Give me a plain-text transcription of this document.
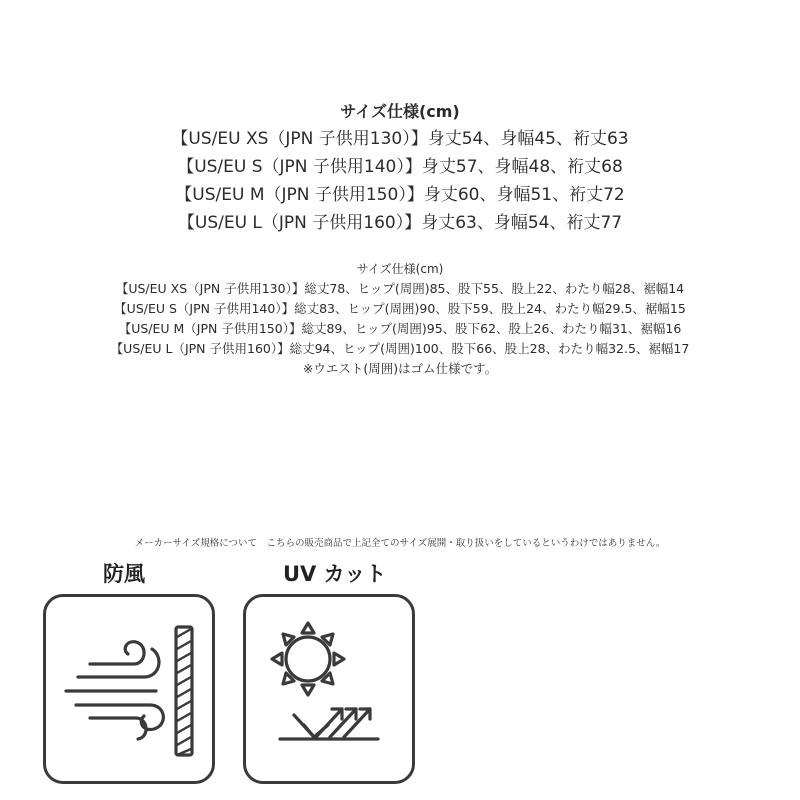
サイズ仕様(cm)
【US/EU XS（JPN 子供用130）】身丈54、身幅45、裄丈63
【US/EU S（JPN 子供用140）】身丈57、身幅48、裄丈68
【US/EU M（JPN 子供用150）】身丈60、身幅51、裄丈72
【US/EU L（JPN 子供用160）】身丈63、身幅54、裄丈77
サイズ仕様(cm)
【US/EU XS（JPN 子供用130）】総丈78、ヒップ(周囲)85、股下55、股上22、わたり幅28、裾幅14
【US/EU S（JPN 子供用140）】総丈83、ヒップ(周囲)90、股下59、股上24、わたり幅29.5、裾幅15
【US/EU M（JPN 子供用150）】総丈89、ヒップ(周囲)95、股下62、股上26、わたり幅31、裾幅16
【US/EU L（JPN 子供用160）】総丈94、ヒップ(周囲)100、股下66、股上28、わたり幅32.5、裾幅17
※ウエスト(周囲)はゴム仕様です。
メーカーサイズ規格について　こちらの販売商品で上記全てのサイズ展開・取り扱いをしているというわけではありません。
防風	UV カット
